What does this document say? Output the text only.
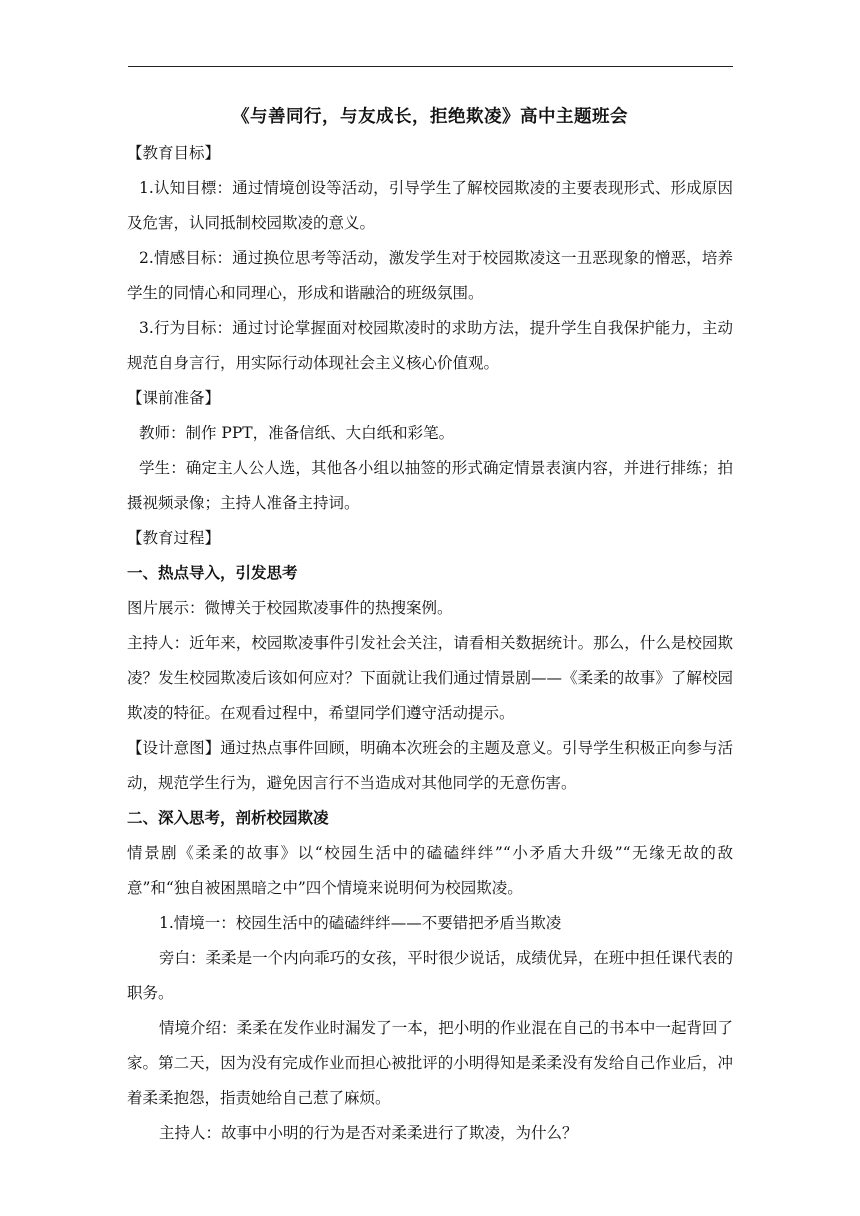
《与善同行，与友成长，拒绝欺凌》高中主题班会

【教育目标】

1.认知目標：通过情境创设等活动，引导学生了解校园欺凌的主要表现形式、形成原因及危害，认同抵制校园欺凌的意义。

2.情感目标：通过换位思考等活动，激发学生对于校园欺凌这一丑恶现象的憎恶，培养学生的同情心和同理心，形成和谐融洽的班级氛围。

3.行为目标：通过讨论掌握面对校园欺凌时的求助方法，提升学生自我保护能力，主动规范自身言行，用实际行动体现社会主义核心价值观。

【课前准备】

教师：制作 PPT，准备信纸、大白纸和彩笔。

学生：确定主人公人选，其他各小组以抽签的形式确定情景表演内容，并进行排练；拍摄视频录像；主持人准备主持词。

【教育过程】

一、热点导入，引发思考

图片展示：微博关于校园欺凌事件的热搜案例。

主持人：近年来，校园欺凌事件引发社会关注，请看相关数据统计。那么，什么是校园欺凌？发生校园欺凌后该如何应对？下面就让我们通过情景剧——《柔柔的故事》了解校园欺凌的特征。在观看过程中，希望同学们遵守活动提示。

【设计意图】通过热点事件回顾，明确本次班会的主题及意义。引导学生积极正向参与活动，规范学生行为，避免因言行不当造成对其他同学的无意伤害。

二、深入思考，剖析校园欺凌

情景剧《柔柔的故事》以“校园生活中的磕磕绊绊”“小矛盾大升级”“无缘无故的敌意”和“独自被困黑暗之中”四个情境来说明何为校园欺凌。

1.情境一：校园生活中的磕磕绊绊——不要错把矛盾当欺凌

旁白：柔柔是一个内向乖巧的女孩，平时很少说话，成绩优异，在班中担任课代表的职务。

情境介绍：柔柔在发作业时漏发了一本，把小明的作业混在自己的书本中一起背回了家。第二天，因为没有完成作业而担心被批评的小明得知是柔柔没有发给自己作业后，冲着柔柔抱怨，指责她给自己惹了麻烦。

主持人：故事中小明的行为是否对柔柔进行了欺凌，为什么？
